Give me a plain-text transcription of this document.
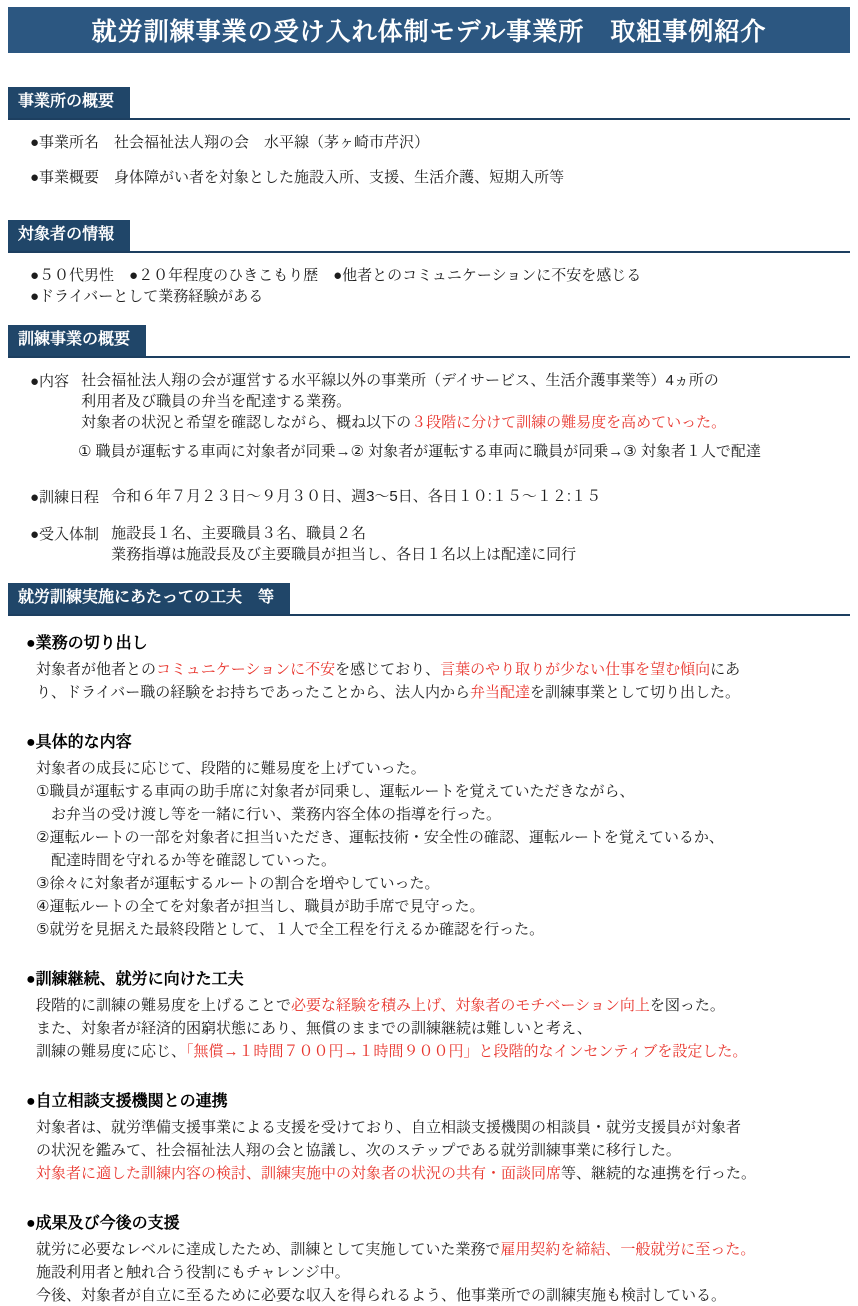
就労訓練事業の受け入れ体制モデル事業所　取組事例紹介
事業所の概要
●事業所名　社会福祉法人翔の会　水平線（茅ヶ崎市芹沢）
●事業概要　身体障がい者を対象とした施設入所、支援、生活介護、短期入所等
対象者の情報
●５０代男性　●２０年程度のひきこもり歴　●他者とのコミュニケーションに不安を感じる
●ドライバーとして業務経験がある
訓練事業の概要
●内容 社会福祉法人翔の会が運営する水平線以外の事業所（デイサービス、生活介護事業等）4ヵ所の
利用者及び職員の弁当を配達する業務。
対象者の状況と希望を確認しながら、概ね以下の３段階に分けて訓練の難易度を高めていった。
① 職員が運転する車両に対象者が同乗→② 対象者が運転する車両に職員が同乗→③ 対象者１人で配達
●訓練日程 令和６年７月２３日～９月３０日、週3～5日、各日１０:１５～１２:１５
●受入体制 施設長１名、主要職員３名、職員２名
業務指導は施設長及び主要職員が担当し、各日１名以上は配達に同行
就労訓練実施にあたっての工夫　等
●業務の切り出し
対象者が他者とのコミュニケーションに不安を感じており、言葉のやり取りが少ない仕事を望む傾向にあ
り、ドライバー職の経験をお持ちであったことから、法人内から弁当配達を訓練事業として切り出した。
●具体的な内容
対象者の成長に応じて、段階的に難易度を上げていった。
①職員が運転する車両の助手席に対象者が同乗し、運転ルートを覚えていただきながら、
　お弁当の受け渡し等を一緒に行い、業務内容全体の指導を行った。
②運転ルートの一部を対象者に担当いただき、運転技術・安全性の確認、運転ルートを覚えているか、
　配達時間を守れるか等を確認していった。
③徐々に対象者が運転するルートの割合を増やしていった。
④運転ルートの全てを対象者が担当し、職員が助手席で見守った。
⑤就労を見据えた最終段階として、１人で全工程を行えるか確認を行った。
●訓練継続、就労に向けた工夫
段階的に訓練の難易度を上げることで必要な経験を積み上げ、対象者のモチベーション向上を図った。
また、対象者が経済的困窮状態にあり、無償のままでの訓練継続は難しいと考え、
訓練の難易度に応じ、「無償→１時間７００円→１時間９００円」と段階的なインセンティブを設定した。
●自立相談支援機関との連携
対象者は、就労準備支援事業による支援を受けており、自立相談支援機関の相談員・就労支援員が対象者
の状況を鑑みて、社会福祉法人翔の会と協議し、次のステップである就労訓練事業に移行した。
対象者に適した訓練内容の検討、訓練実施中の対象者の状況の共有・面談同席等、継続的な連携を行った。
●成果及び今後の支援
就労に必要なレベルに達成したため、訓練として実施していた業務で雇用契約を締結、一般就労に至った。
施設利用者と触れ合う役割にもチャレンジ中。
今後、対象者が自立に至るために必要な収入を得られるよう、他事業所での訓練実施も検討している。
